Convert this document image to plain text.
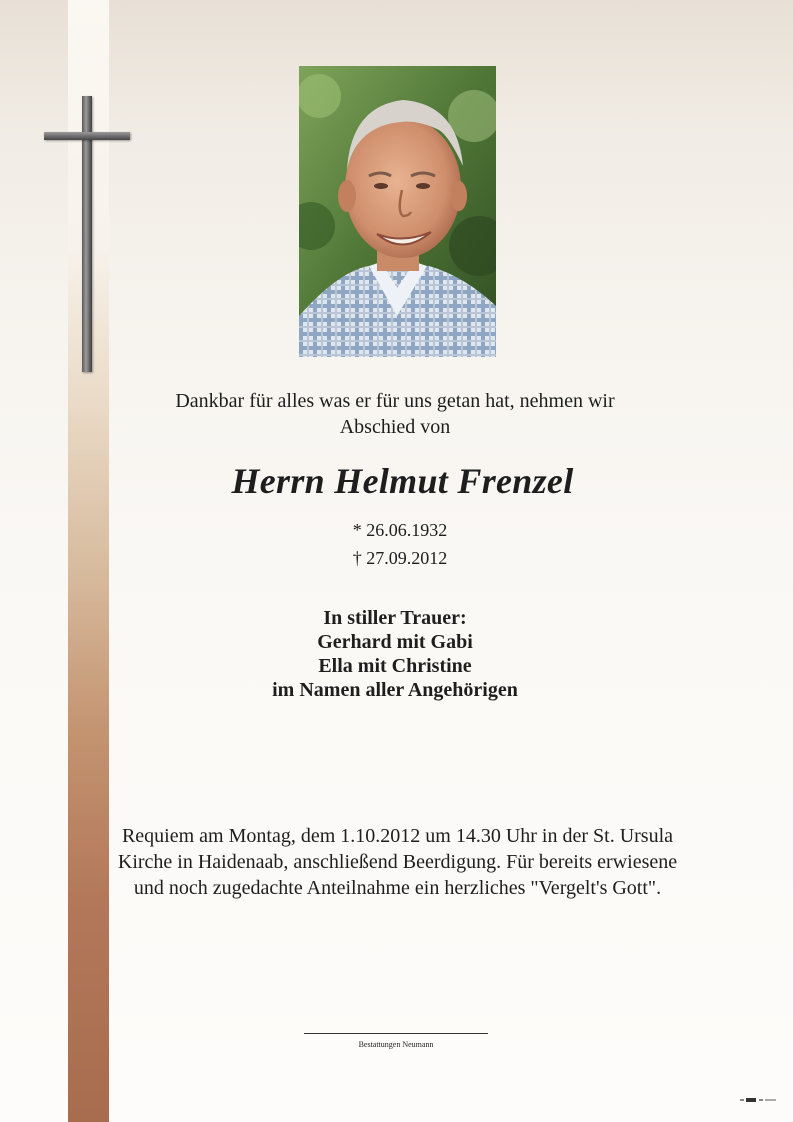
Dankbar für alles was er für uns getan hat, nehmen wir Abschied von
Herrn Helmut Frenzel
* 26.06.1932
† 27.09.2012
In stiller Trauer:
Gerhard mit Gabi
Ella mit Christine
im Namen aller Angehörigen
Requiem am Montag, dem 1.10.2012 um 14.30 Uhr in der St. Ursula Kirche in Haidenaab, anschließend Beerdigung. Für bereits erwiesene und noch zugedachte Anteilnahme ein herzliches "Vergelt's Gott".
Bestattungen Neumann
